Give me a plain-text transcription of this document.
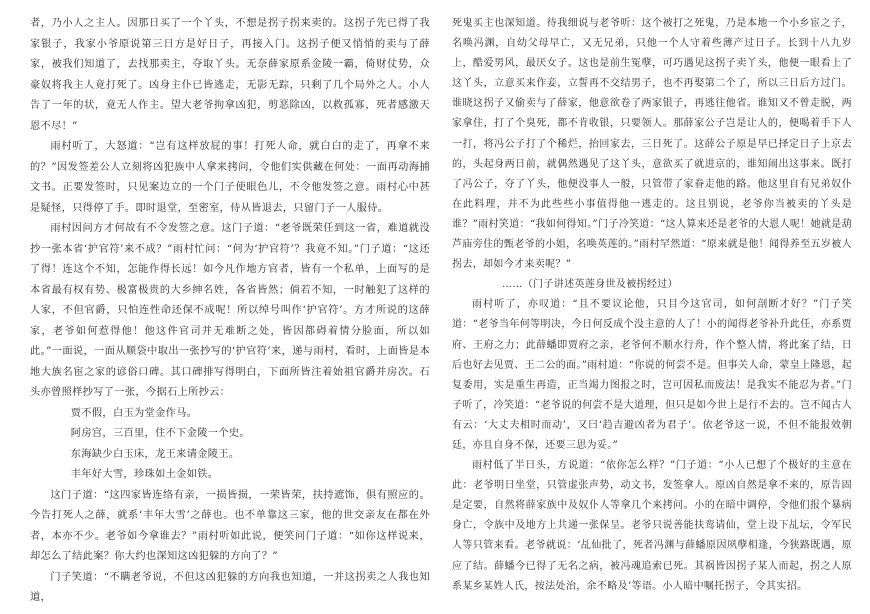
者，乃小人之主人。因那日买了一个丫头，不想是拐子拐来卖的。这拐子先已得了我家银子，我家小爷原说第三日方是好日子，再接入门。这拐子便又悄悄的卖与了薛家，被我们知道了，去找那卖主，夺取丫头。无奈薛家原系金陵一霸，倚财仗势，众豪奴将我主人竟打死了。凶身主仆已皆逃走，无影无踪，只剩了几个局外之人。小人告了一年的状，竟无人作主。望大老爷拘拿凶犯，剪恶除凶，以救孤寡，死者感激天恩不尽！”

雨村听了，大怒道：“岂有这样放屁的事！打死人命，就白白的走了，再拿不来的？”因发签差公人立刻将凶犯族中人拿来拷问，令他们实供藏在何处：一面再动海捕文书。正要发签时，只见案边立的一个门子使眼色儿，不令他发签之意。雨村心中甚是疑怪，只得停了手。即时退堂，至密室，侍从皆退去，只留门子一人服侍。

雨村因问方才何故有不令发签之意。这门子道：“老爷既荣任到这一省，难道就没抄一张本省‘护官符’来不成？”雨村忙问：“何为‘护官符’？我竟不知。”门子道：“这还了得！连这个不知，怎能作得长远！如今凡作地方官者，皆有一个私单，上面写的是本省最有权有势、极富极贵的大乡绅名姓，各省皆然；倘若不知，一时触犯了这样的人家，不但官爵，只怕连性命还保不成呢！所以绰号叫作‘护官符’。方才所说的这薛家，老爷如何惹得他！他这件官司并无难断之处，皆因都碍着情分脸面，所以如此。”一面说，一面从顺袋中取出一张抄写的‘护官符’来，递与雨村，看时，上面皆是本地大族名宦之家的谚俗口碑。其口碑排写得明白，下面所皆注着始祖官爵并房次。石头亦曾照样抄写了一张，今据石上所抄云：

贾不假，白玉为堂金作马。

阿房宫，三百里，住不下金陵一个史。

东海缺少白玉床，龙王来请金陵王。

丰年好大雪，珍珠如土金如铁。

这门子道：“这四家皆连络有亲，一损皆损，一荣皆荣，扶持遮饰，俱有照应的。今告打死人之薛，就系‘丰年大雪’之薛也。也不单靠这三家，他的世交亲友在都在外者，本亦不少。老爷如今拿谁去？”雨村听如此说，便笑问门子道：“如你这样说来，却怎么了结此案？你大约也深知这凶犯躲的方向了？”

门子笑道：“不瞒老爷说，不但这凶犯躲的方向我也知道，一并这拐卖之人我也知道，

死鬼买主也深知道。待我细说与老爷听：这个被打之死鬼，乃是本地一个小乡宦之子，名唤冯渊，自幼父母早亡，又无兄弟，只他一个人守着些薄产过日子。长到十八九岁上，酷爱男风，最厌女子。这也是前生冤孽，可巧遇见这拐子卖丫头，他便一眼看上了这丫头，立意买来作妾，立誓再不交结男子，也不再娶第二个了，所以三日后方过门。谁晓这拐子又偷卖与了薛家，他意欲卷了两家银子，再逃往他省。谁知又不曾走脱，两家拿住，打了个臭死，都不肯收银，只要领人。那薛家公子岂是让人的，便喝着手下人一打，将冯公子打了个稀烂，抬回家去，三日死了。这薛公子原是早已择定日子上京去的，头起身两日前，就偶然遇见了这丫头，意欲买了就进京的，谁知闹出这事来。既打了冯公子，夺了丫头，他便没事人一般，只管带了家眷走他的路。他这里自有兄弟奴仆在此料理，并不为此些些小事值得他一逃走的。这且别说，老爷你当被卖的丫头是谁？”雨村笑道：“我如何得知。”门子冷笑道：“这人算来还是老爷的大恩人呢！她就是葫芦庙旁住的甄老爷的小姐，名唤英莲的。”雨村罕然道：“原来就是他！闻得养至五岁被人拐去，却如今才来卖呢？”

……（门子讲述英莲身世及被拐经过）

雨村听了，亦叹道：“且不要议论他，只目今这官司，如何剖断才好？”门子笑道：“老爷当年何等明决，今日何反成个没主意的人了！小的闻得老爷补升此任，亦系贾府、王府之力；此薛蟠即贾府之亲，老爷何不顺水行舟，作个整人情，将此案了结，日后也好去见贾、王二公的面。”雨村道：“你说的何尝不是。但事关人命，蒙皇上隆恩，起复委用，实是重生再造，正当竭力图报之时，岂可因私而废法！是我实不能忍为者。”门子听了，冷笑道：“老爷说的何尝不是大道理，但只是如今世上是行不去的。岂不闻古人有云：‘大丈夫相时而动’，又曰‘趋吉避凶者为君子’。依老爷这一说，不但不能报效朝廷，亦且自身不保，还要三思为妥。”

雨村低了半日头，方说道：“依你怎么样？”门子道：“小人已想了个极好的主意在此：老爷明日坐堂，只管虚张声势，动文书，发签拿人。原凶自然是拿不来的，原告固是定要，自然将薛家族中及奴仆人等拿几个来拷问。小的在暗中调停，令他们报个暴病身亡，令族中及地方上共递一张保呈。老爷只说善能扶鸾请仙，堂上设下乩坛，令军民人等只管来看。老爷就说：‘乩仙批了，死者冯渊与薛蟠原因夙孽相逢，今狭路既遇，原应了结。薛蟠今已得了无名之病，被冯魂追索已死。其祸皆因拐子某人而起，拐之人原系某乡某姓人氏，按法处治，余不略及’等语。小人暗中嘱托拐子，令其实招。
